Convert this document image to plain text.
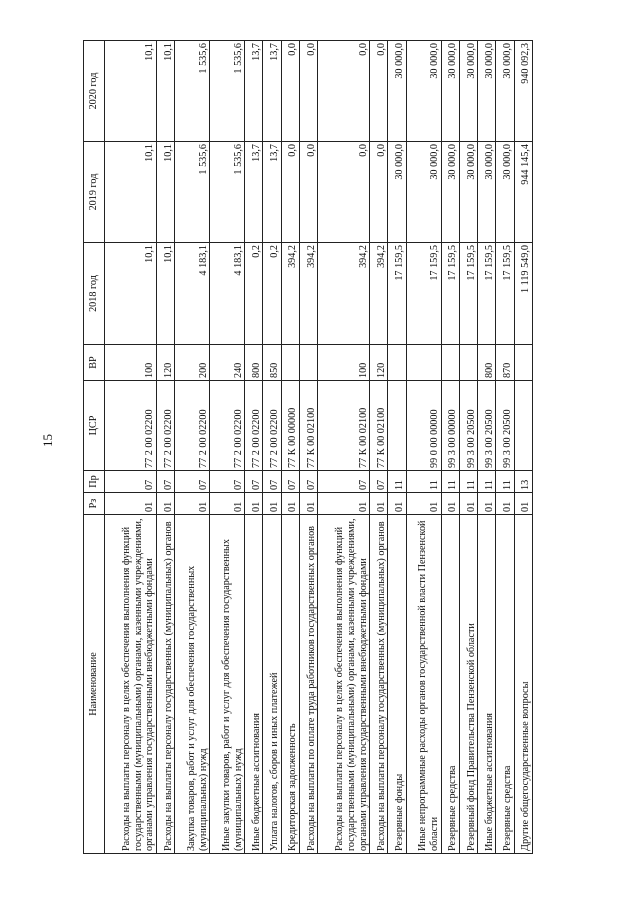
15
Наименование	Рз	Пр	ЦСР	ВР	2018 год	2019 год	2020 год
Расходы на выплаты персоналу в целях обеспечения выполнения функций государственными (муниципальными) органами, казенными учреждениями, органами управления государственными внебюджетными фондами	01	07	77 2 00 02200	100	10,1	10,1	10,1
Расходы на выплаты персоналу государственных (муниципальных) органов	01	07	77 2 00 02200	120	10,1	10,1	10,1
Закупка товаров, работ и услуг для обеспечения государственных (муниципальных) нужд	01	07	77 2 00 02200	200	4 183,1	1 535,6	1 535,6
Иные закупки товаров, работ и услуг для обеспечения государственных (муниципальных) нужд	01	07	77 2 00 02200	240	4 183,1	1 535,6	1 535,6
Иные бюджетные ассигнования	01	07	77 2 00 02200	800	0,2	13,7	13,7
Уплата налогов, сборов и иных платежей	01	07	77 2 00 02200	850	0,2	13,7	13,7
Кредиторская задолженность	01	07	77 К 00 00000		394,2	0,0	0,0
Расходы на выплаты по оплате труда работников государственных органов	01	07	77 К 00 02100		394,2	0,0	0,0
Расходы на выплаты персоналу в целях обеспечения выполнения функций государственными (муниципальными) органами, казенными учреждениями, органами управления государственными внебюджетными фондами	01	07	77 К 00 02100	100	394,2	0,0	0,0
Расходы на выплаты персоналу государственных (муниципальных) органов	01	07	77 К 00 02100	120	394,2	0,0	0,0
Резервные фонды	01	11			17 159,5	30 000,0	30 000,0
Иные непрограммные расходы органов государственной власти Пензенской области	01	11	99 0 00 00000		17 159,5	30 000,0	30 000,0
Резервные средства	01	11	99 3 00 00000		17 159,5	30 000,0	30 000,0
Резервный фонд Правительства Пензенской области	01	11	99 3 00 20500		17 159,5	30 000,0	30 000,0
Иные бюджетные ассигнования	01	11	99 3 00 20500	800	17 159,5	30 000,0	30 000,0
Резервные средства	01	11	99 3 00 20500	870	17 159,5	30 000,0	30 000,0
Другие общегосударственные вопросы	01	13			1 119 549,0	944 145,4	940 092,3
